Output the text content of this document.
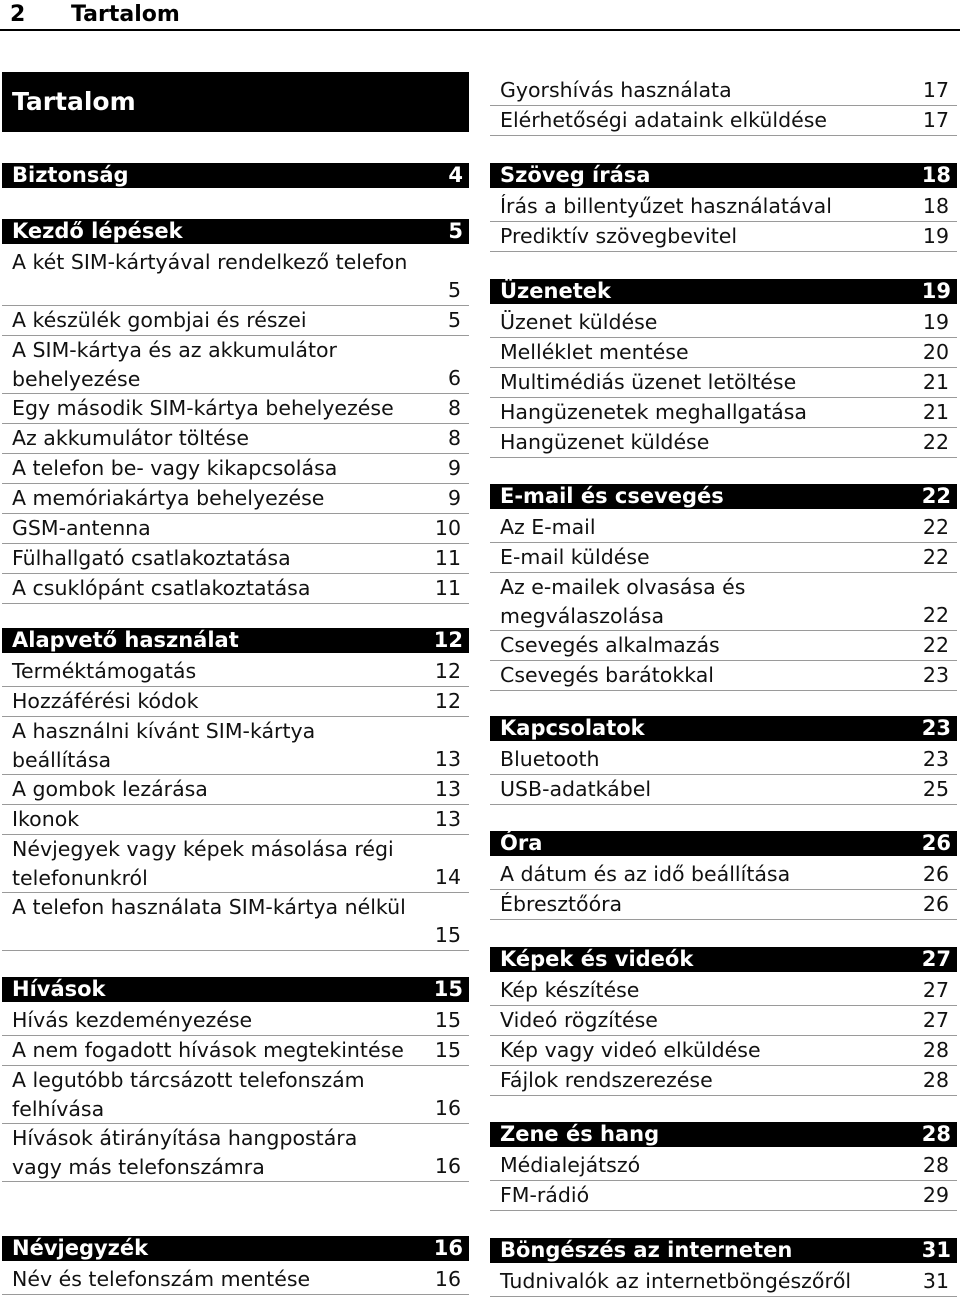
2 Tartalom
Tartalom
Biztonság	4
Kezdő lépések	5
A két SIM-kártyával rendelkező telefon
5
A készülék gombjai és részei	5
A SIM-kártya és az akkumulátor behelyezése	6
Egy második SIM-kártya behelyezése	8
Az akkumulátor töltése	8
A telefon be- vagy kikapcsolása	9
A memóriakártya behelyezése	9
GSM-antenna	10
Fülhallgató csatlakoztatása	11
A csuklópánt csatlakoztatása	11
Alapvető használat	12
Terméktámogatás	12
Hozzáférési kódok	12
A használni kívánt SIM-kártya beállítása	13
A gombok lezárása	13
Ikonok	13
Névjegyek vagy képek másolása régi telefonunkról	14
A telefon használata SIM-kártya nélkül
15
Hívások	15
Hívás kezdeményezése	15
A nem fogadott hívások megtekintése 15
A legutóbb tárcsázott telefonszám felhívása	16
Hívások átirányítása hangpostára vagy más telefonszámra	16
Névjegyzék	16
Név és telefonszám mentése	16
Gyorshívás használata	17
Elérhetőségi adataink elküldése	17
Szöveg írása	18
Írás a billentyűzet használatával	18
Prediktív szövegbevitel	19
Üzenetek	19
Üzenet küldése	19
Melléklet mentése	20
Multimédiás üzenet letöltése	21
Hangüzenetek meghallgatása	21
Hangüzenet küldése	22
E-mail és csevegés	22
Az E-mail	22
E-mail küldése	22
Az e-mailek olvasása és megválaszolása	22
Csevegés alkalmazás	22
Csevegés barátokkal	23
Kapcsolatok	23
Bluetooth	23
USB-adatkábel	25
Óra	26
A dátum és az idő beállítása	26
Ébresztőóra	26
Képek és videók	27
Kép készítése	27
Videó rögzítése	27
Kép vagy videó elküldése	28
Fájlok rendszerezése	28
Zene és hang	28
Médialejátszó	28
FM-rádió	29
Böngészés az interneten	31
Tudnivalók az internetböngészőről	31
